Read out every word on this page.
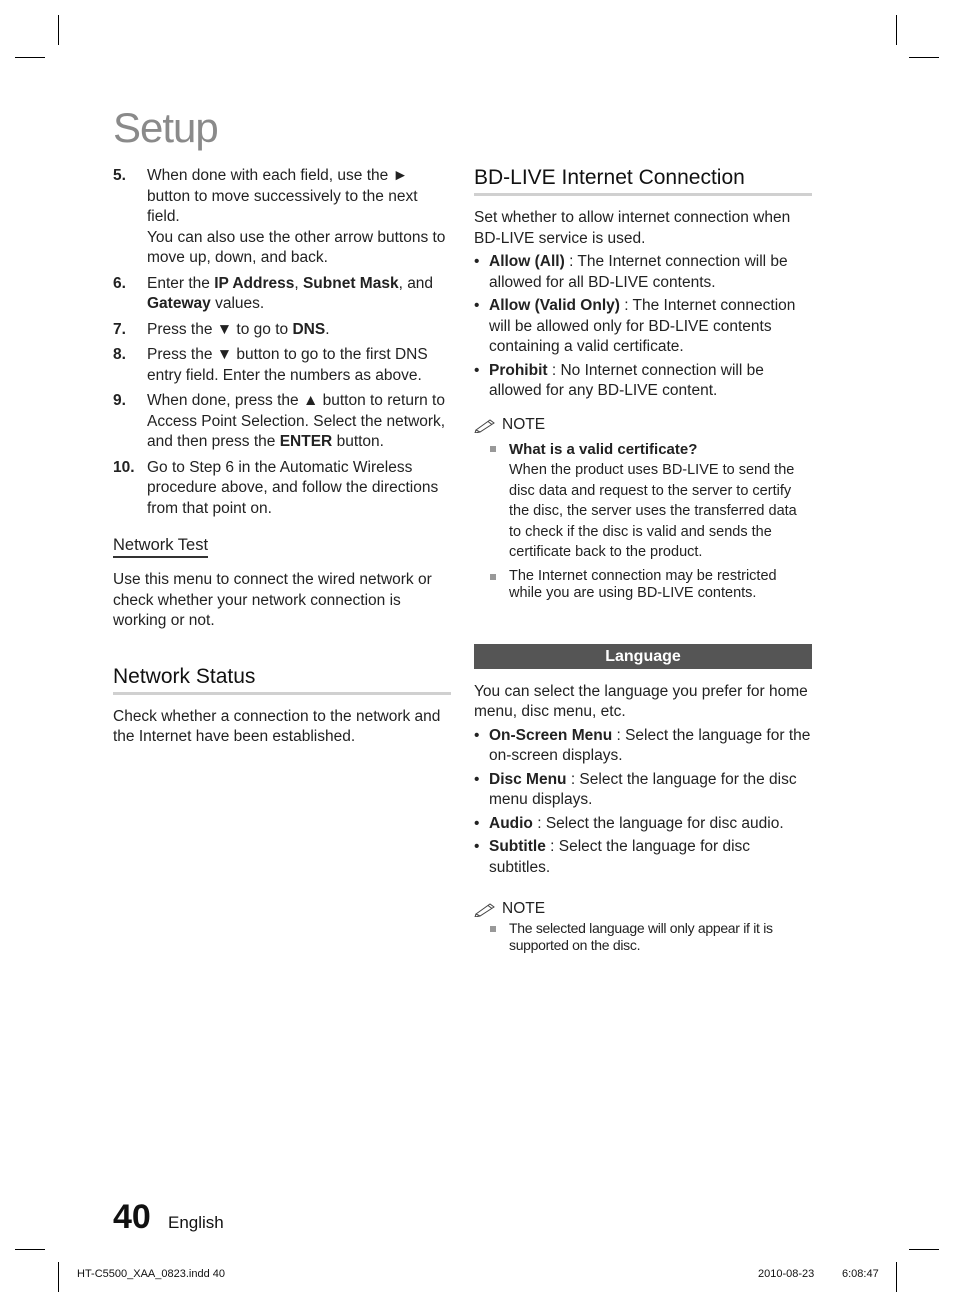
Setup
5. When done with each field, use the ► button to move successively to the next field.
You can also use the other arrow buttons to move up, down, and back.
6. Enter the IP Address, Subnet Mask, and Gateway values.
7. Press the ▼ to go to DNS.
8. Press the ▼ button to go to the first DNS entry field. Enter the numbers as above.
9. When done, press the ▲ button to return to Access Point Selection. Select the network, and then press the ENTER button.
10. Go to Step 6 in the Automatic Wireless procedure above, and follow the directions from that point on.
Network Test
Use this menu to connect the wired network or check whether your network connection is working or not.
Network Status
Check whether a connection to the network and the Internet have been established.
BD-LIVE Internet Connection
Set whether to allow internet connection when BD-LIVE service is used.
• Allow (All) : The Internet connection will be allowed for all BD-LIVE contents.
• Allow (Valid Only) : The Internet connection will be allowed only for BD-LIVE contents containing a valid certificate.
• Prohibit : No Internet connection will be allowed for any BD-LIVE content.
NOTE
What is a valid certificate?
When the product uses BD-LIVE to send the disc data and request to the server to certify the disc, the server uses the transferred data to check if the disc is valid and sends the certificate back to the product.
The Internet connection may be restricted while you are using BD-LIVE contents.
Language
You can select the language you prefer for home menu, disc menu, etc.
• On-Screen Menu : Select the language for the on-screen displays.
• Disc Menu : Select the language for the disc menu displays.
• Audio : Select the language for disc audio.
• Subtitle : Select the language for disc subtitles.
NOTE
The selected language will only appear if it is supported on the disc.
40 English
HT-C5500_XAA_0823.indd 40	2010-08-23	6:08:47
